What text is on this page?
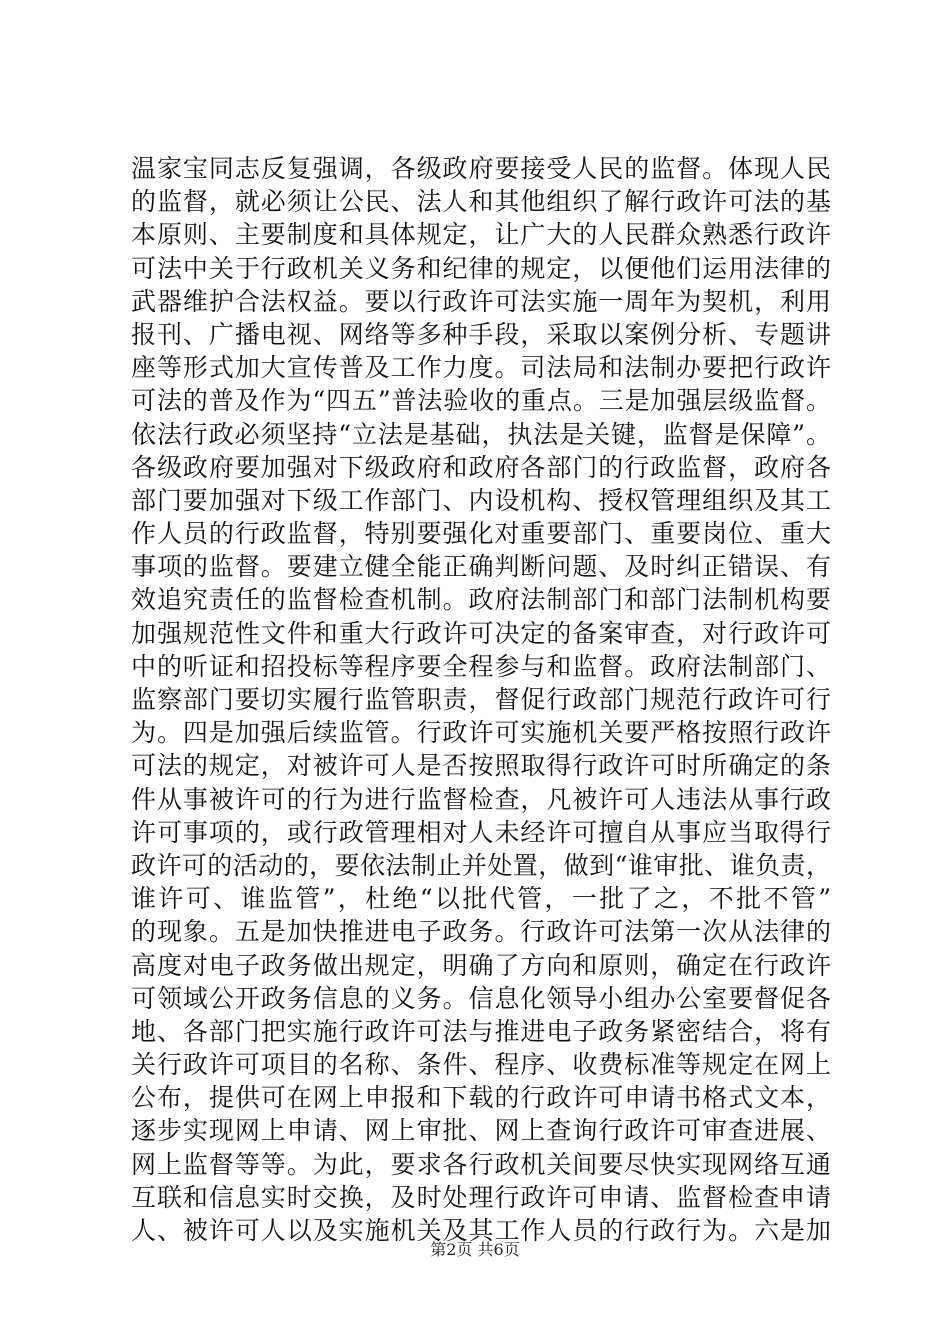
温家宝同志反复强调，各级政府要接受人民的监督。体现人民
的监督，就必须让公民、法人和其他组织了解行政许可法的基
本原则、主要制度和具体规定，让广大的人民群众熟悉行政许
可法中关于行政机关义务和纪律的规定，以便他们运用法律的
武器维护合法权益。要以行政许可法实施一周年为契机，利用
报刊、广播电视、网络等多种手段，采取以案例分析、专题讲
座等形式加大宣传普及工作力度。司法局和法制办要把行政许
可法的普及作为“四五”普法验收的重点。三是加强层级监督。
依法行政必须坚持“立法是基础，执法是关键，监督是保障”。
各级政府要加强对下级政府和政府各部门的行政监督，政府各
部门要加强对下级工作部门、内设机构、授权管理组织及其工
作人员的行政监督，特别要强化对重要部门、重要岗位、重大
事项的监督。要建立健全能正确判断问题、及时纠正错误、有
效追究责任的监督检查机制。政府法制部门和部门法制机构要
加强规范性文件和重大行政许可决定的备案审查，对行政许可
中的听证和招投标等程序要全程参与和监督。政府法制部门、
监察部门要切实履行监管职责，督促行政部门规范行政许可行
为。四是加强后续监管。行政许可实施机关要严格按照行政许
可法的规定，对被许可人是否按照取得行政许可时所确定的条
件从事被许可的行为进行监督检查，凡被许可人违法从事行政
许可事项的，或行政管理相对人未经许可擅自从事应当取得行
政许可的活动的，要依法制止并处置，做到“谁审批、谁负责，
谁许可、谁监管”，杜绝“以批代管，一批了之，不批不管”
的现象。五是加快推进电子政务。行政许可法第一次从法律的
高度对电子政务做出规定，明确了方向和原则，确定在行政许
可领域公开政务信息的义务。信息化领导小组办公室要督促各
地、各部门把实施行政许可法与推进电子政务紧密结合，将有
关行政许可项目的名称、条件、程序、收费标准等规定在网上
公布，提供可在网上申报和下载的行政许可申请书格式文本，
逐步实现网上申请、网上审批、网上查询行政许可审查进展、
网上监督等等。为此，要求各行政机关间要尽快实现网络互通
互联和信息实时交换，及时处理行政许可申请、监督检查申请
人、被许可人以及实施机关及其工作人员的行政行为。六是加
第2页 共6页
